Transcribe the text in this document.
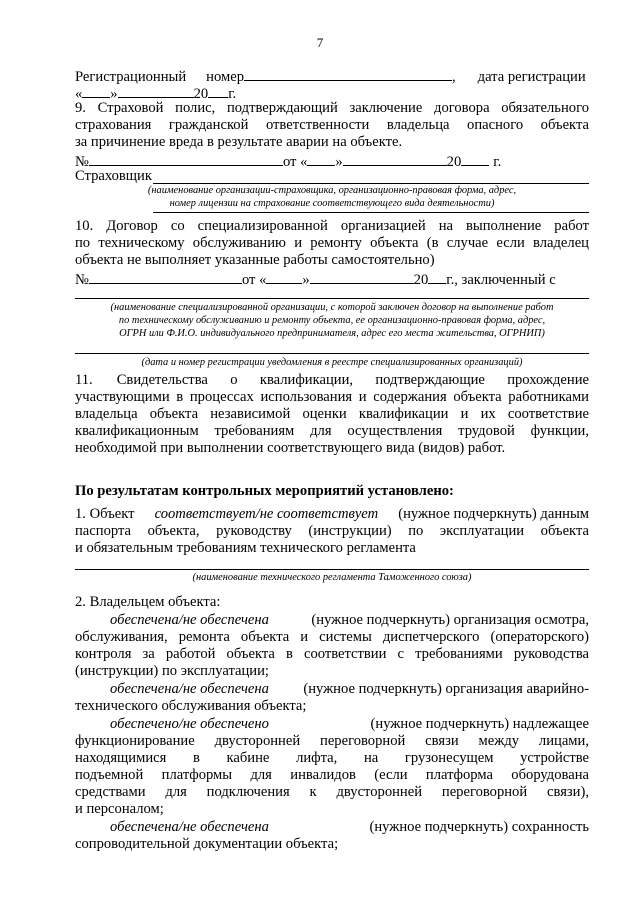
7
Регистрационный номер	, дата регистрации
« »	20 г.
9. Страховой полис, подтверждающий заключение договора обязательного
страхования гражданской ответственности владельца опасного объекта
за причинение вреда в результате аварии на объекте.
№	от « »	20 г.
Страховщик
(наименование организации-страховщика, организационно-правовая форма, адрес,
номер лицензии на страхование соответствующего вида деятельности)
10. Договор со специализированной организацией на выполнение работ
по техническому обслуживанию и ремонту объекта (в случае если владелец
объекта не выполняет указанные работы самостоятельно)
№	от « »	20 г., заключенный с
(наименование специализированной организации, с которой заключен договор на выполнение работ
по техническому обслуживанию и ремонту объекта, ее организационно-правовая форма, адрес,
ОГРН или Ф.И.О. индивидуального предпринимателя, адрес его места жительства, ОГРНИП)
(дата и номер регистрации уведомления в реестре специализированных организаций)
11. Свидетельства о квалификации, подтверждающие прохождение
участвующими в процессах использования и содержания объекта работниками
владельца объекта независимой оценки квалификации и их соответствие
квалификационным требованиям для осуществления трудовой функции,
необходимой при выполнении соответствующего вида (видов) работ.
По результатам контрольных мероприятий установлено:
1. Объект соответствует/не соответствует (нужное подчеркнуть) данным
паспорта объекта, руководству (инструкции) по эксплуатации объекта
и обязательным требованиям технического регламента
(наименование технического регламента Таможенного союза)
2. Владельцем объекта:
обеспечена/не обеспечена	(нужное подчеркнуть) организация осмотра,
обслуживания, ремонта объекта и системы диспетчерского (операторского)
контроля за работой объекта в соответствии с требованиями руководства
(инструкции) по эксплуатации;
обеспечена/не обеспечена (нужное подчеркнуть) организация аварийно-
технического обслуживания объекта;
обеспечено/не обеспечено	(нужное подчеркнуть) надлежащее
функционирование двусторонней переговорной связи между лицами,
находящимися в кабине лифта, на грузонесущем устройстве
подъемной платформы для инвалидов (если платформа оборудована
средствами для подключения к двусторонней переговорной связи),
и персоналом;
обеспечена/не обеспечена	(нужное подчеркнуть) сохранность
сопроводительной документации объекта;
